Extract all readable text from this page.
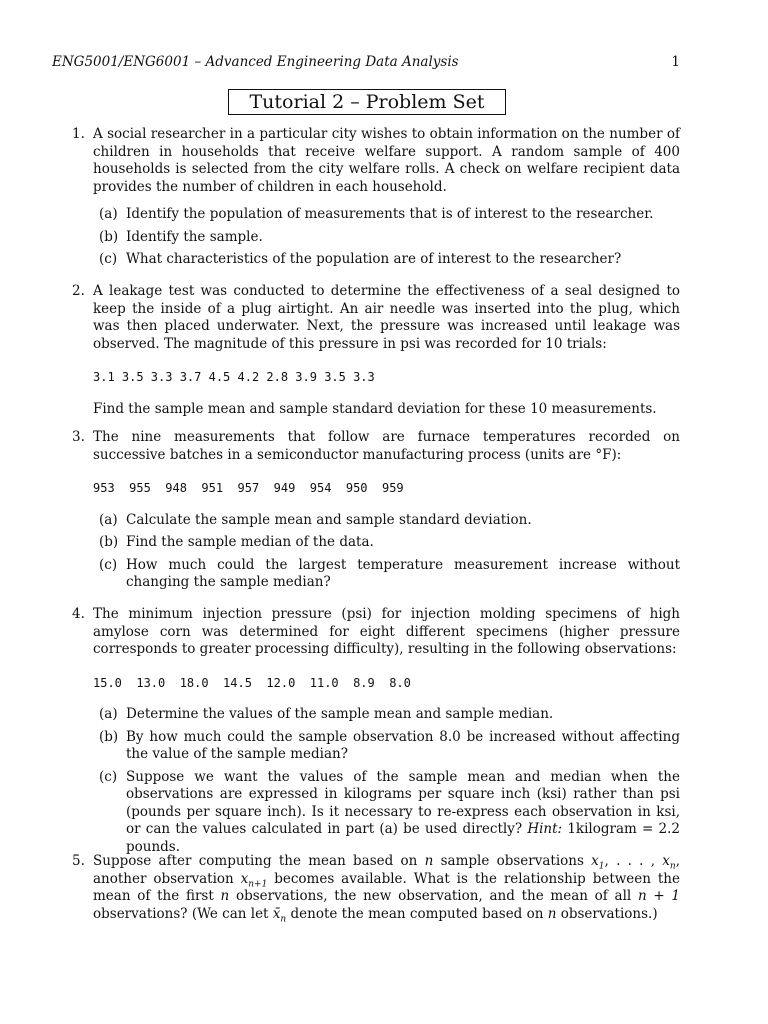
ENG5001/ENG6001 – Advanced Engineering Data Analysis	1
Tutorial 2 – Problem Set
1. A social researcher in a particular city wishes to obtain information on the number of children in households that receive welfare support. A random sample of 400 households is selected from the city welfare rolls. A check on welfare recipient data provides the number of children in each household.
(a) Identify the population of measurements that is of interest to the researcher.
(b) Identify the sample.
(c) What characteristics of the population are of interest to the researcher?
2. A leakage test was conducted to determine the effectiveness of a seal designed to keep the inside of a plug airtight. An air needle was inserted into the plug, which was then placed underwater. Next, the pressure was increased until leakage was observed. The magnitude of this pressure in psi was recorded for 10 trials:
3.1 3.5 3.3 3.7 4.5 4.2 2.8 3.9 3.5 3.3
Find the sample mean and sample standard deviation for these 10 measurements.
3. The nine measurements that follow are furnace temperatures recorded on successive batches in a semiconductor manufacturing process (units are °F):
953  955  948  951  957  949  954  950  959
(a) Calculate the sample mean and sample standard deviation.
(b) Find the sample median of the data.
(c) How much could the largest temperature measurement increase without changing the sample median?
4. The minimum injection pressure (psi) for injection molding specimens of high amylose corn was determined for eight different specimens (higher pressure corresponds to greater processing difficulty), resulting in the following observations:
15.0  13.0  18.0  14.5  12.0  11.0  8.9  8.0
(a) Determine the values of the sample mean and sample median.
(b) By how much could the sample observation 8.0 be increased without affecting the value of the sample median?
(c) Suppose we want the values of the sample mean and median when the observations are expressed in kilograms per square inch (ksi) rather than psi (pounds per square inch). Is it necessary to re-express each observation in ksi, or can the values calculated in part (a) be used directly? Hint: 1kilogram = 2.2 pounds.
5. Suppose after computing the mean based on n sample observations $x_1$, . . . , $x_n$, another observation $x_{n+1}$ becomes available. What is the relationship between the mean of the first n observations, the new observation, and the mean of all n + 1 observations? (We can let $x̄_n$ denote the mean computed based on n observations.)
